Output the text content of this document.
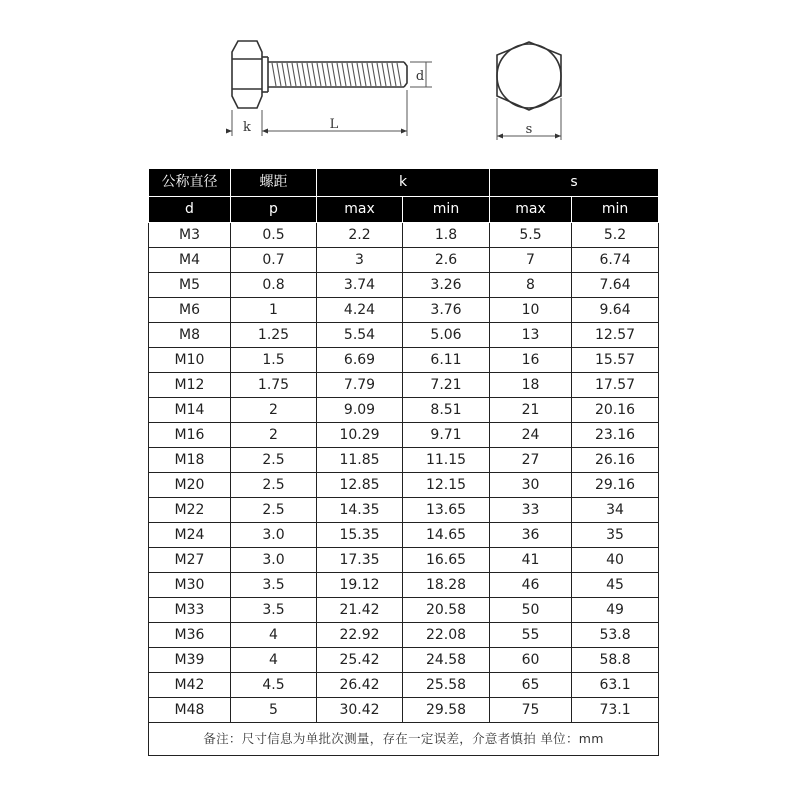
k	L
d
s
公称直径	螺距	k		s	
d	p	max	min	max	min
M3	0.5	2.2	1.8	5.5	5.2
M4	0.7	3	2.6	7	6.74
M5	0.8	3.74	3.26	8	7.64
M6	1	4.24	3.76	10	9.64
M8	1.25	5.54	5.06	13	12.57
M10	1.5	6.69	6.11	16	15.57
M12	1.75	7.79	7.21	18	17.57
M14	2	9.09	8.51	21	20.16
M16	2	10.29	9.71	24	23.16
M18	2.5	11.85	11.15	27	26.16
M20	2.5	12.85	12.15	30	29.16
M22	2.5	14.35	13.65	33	34
M24	3.0	15.35	14.65	36	35
M27	3.0	17.35	16.65	41	40
M30	3.5	19.12	18.28	46	45
M33	3.5	21.42	20.58	50	49
M36	4	22.92	22.08	55	53.8
M39	4	25.42	24.58	60	58.8
M42	4.5	26.42	25.58	65	63.1
M48	5	30.42	29.58	75	73.1
备注：尺寸信息为单批次测量，存在一定误差，介意者慎拍 单位：mm					
